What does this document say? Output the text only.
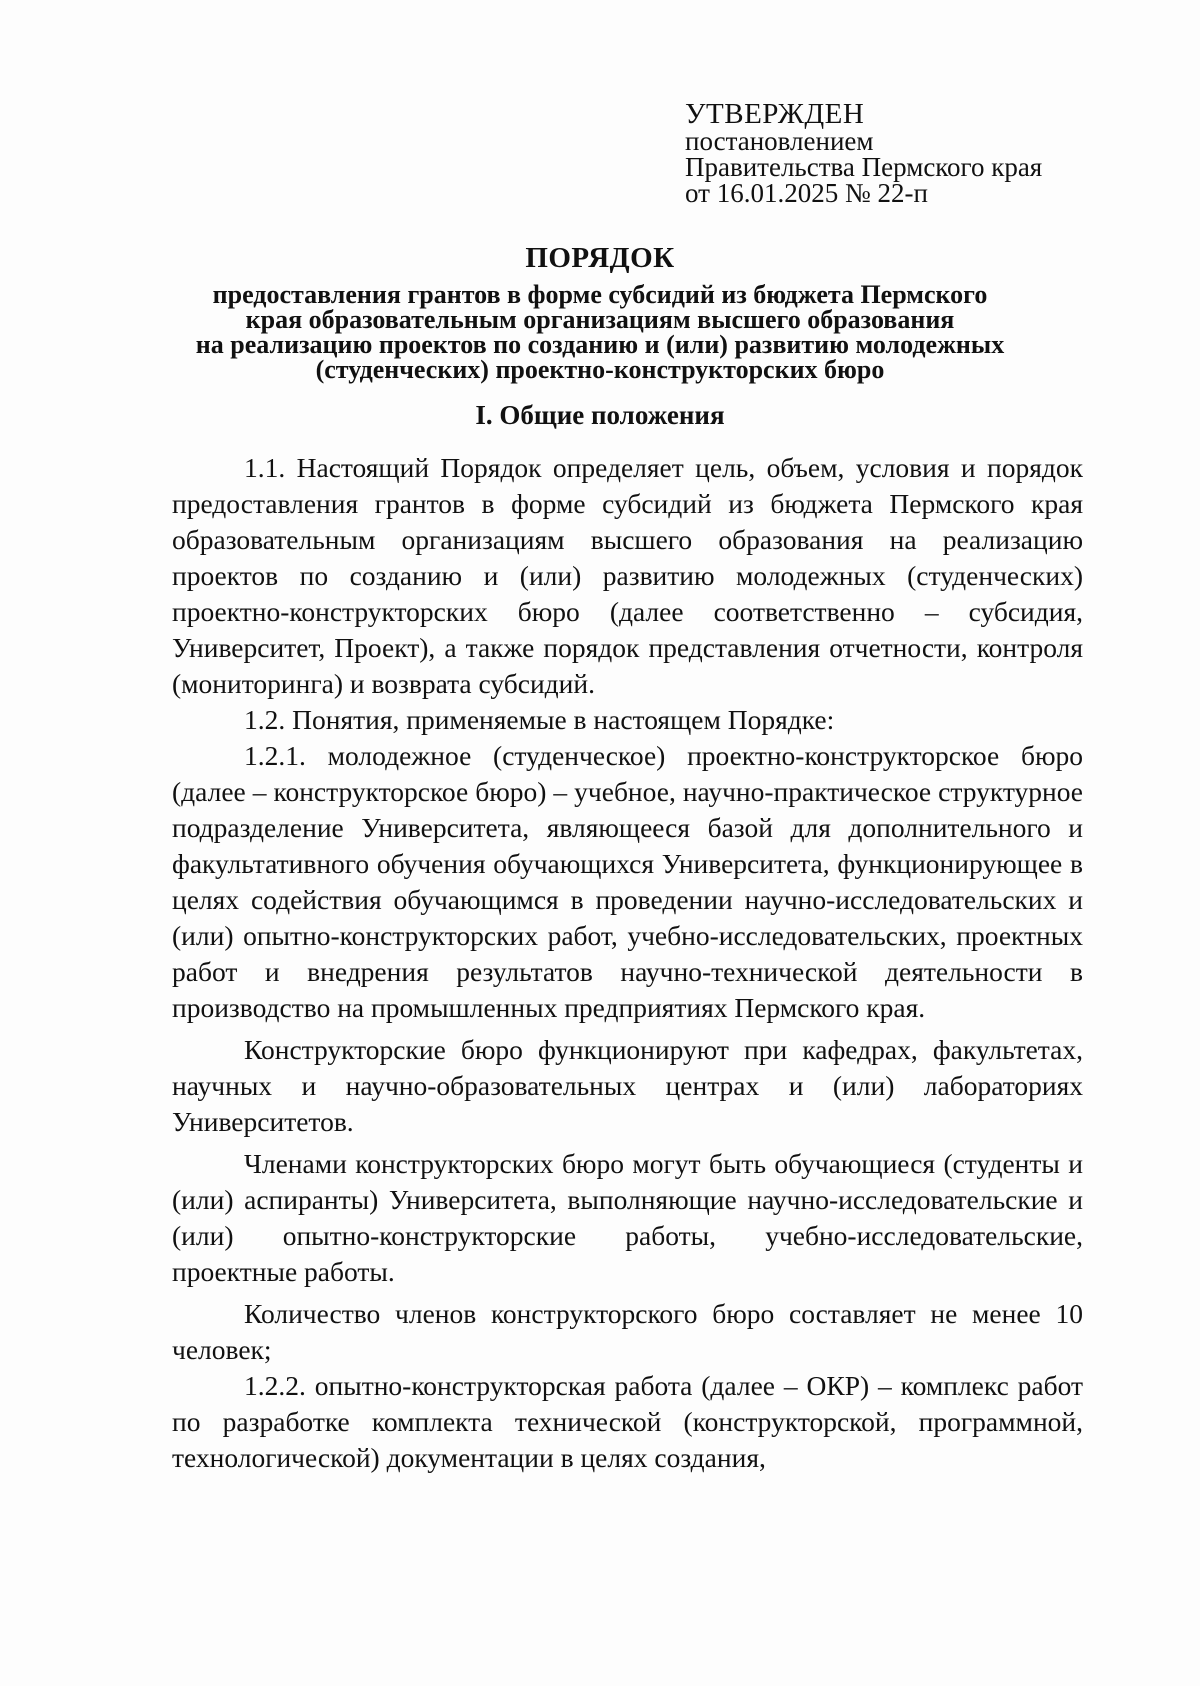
УТВЕРЖДЕН
постановлением
Правительства Пермского края
от 16.01.2025 № 22-п
ПОРЯДОК
предоставления грантов в форме субсидий из бюджета Пермского
края образовательным организациям высшего образования
на реализацию проектов по созданию и (или) развитию молодежных
(студенческих) проектно-конструкторских бюро
I. Общие положения

1.1. Настоящий Порядок определяет цель, объем, условия и порядок предоставления грантов в форме субсидий из бюджета Пермского края образовательным организациям высшего образования на реализацию проектов по созданию и (или) развитию молодежных (студенческих) проектно-конструкторских бюро (далее соответственно – субсидия, Университет, Проект), а также порядок представления отчетности, контроля (мониторинга) и возврата субсидий.

1.2. Понятия, применяемые в настоящем Порядке:

1.2.1. молодежное (студенческое) проектно-конструкторское бюро (далее – конструкторское бюро) – учебное, научно-практическое структурное подразделение Университета, являющееся базой для дополнительного и факультативного обучения обучающихся Университета, функционирующее в целях содействия обучающимся в проведении научно-исследовательских и (или) опытно-конструкторских работ, учебно-исследовательских, проектных работ и внедрения результатов научно-технической деятельности в производство на промышленных предприятиях Пермского края.

Конструкторские бюро функционируют при кафедрах, факультетах, научных и научно-образовательных центрах и (или) лабораториях Университетов.

Членами конструкторских бюро могут быть обучающиеся (студенты и (или) аспиранты) Университета, выполняющие научно-исследовательские и (или) опытно-конструкторские работы, учебно-исследовательские, проектные работы.

Количество членов конструкторского бюро составляет не менее 10 человек;

1.2.2. опытно-конструкторская работа (далее – ОКР) – комплекс работ по разработке комплекта технической (конструкторской, программной, технологической) документации в целях создания,
